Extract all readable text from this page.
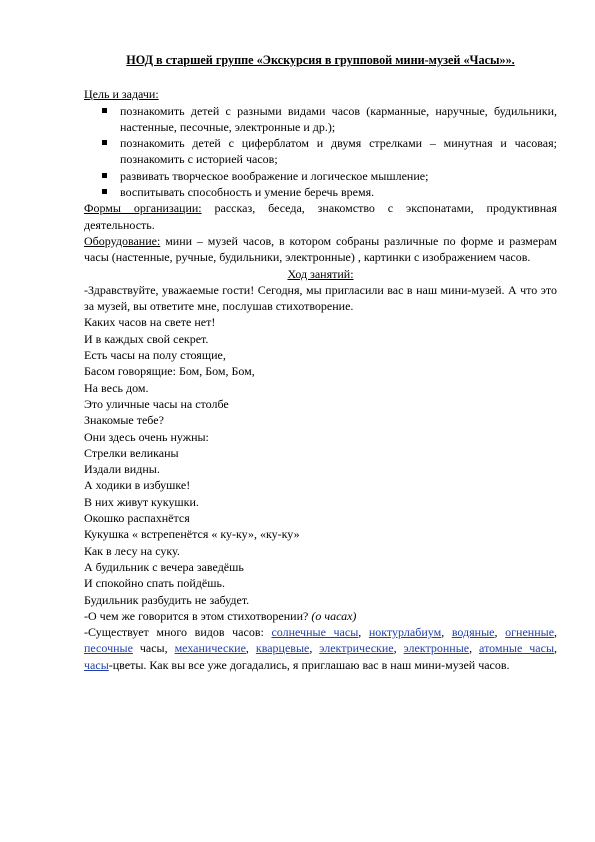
НОД в старшей группе «Экскурсия в групповой мини-музей «Часы»».
Цель и задачи:
познакомить детей с разными видами часов (карманные, наручные, будильники, настенные, песочные, электронные и др.);
познакомить детей с циферблатом и двумя стрелками – минутная и часовая; познакомить с историей часов;
развивать творческое воображение и логическое мышление;
воспитывать способность и умение беречь время.
Формы организации: рассказ, беседа, знакомство с экспонатами, продуктивная деятельность.
Оборудование: мини – музей часов, в котором собраны различные по форме и размерам часы (настенные, ручные, будильники, электронные) , картинки с изображением часов.
Ход занятий:
-Здравствуйте, уважаемые гости! Сегодня, мы пригласили вас в наш мини-музей. А что это за музей, вы ответите мне, послушав стихотворение.
Каких часов на свете нет!
И в каждых свой секрет.
Есть часы на полу стоящие,
Басом говорящие: Бом, Бом, Бом,
На весь дом.
Это уличные часы на столбе
Знакомые тебе?
Они здесь очень нужны:
Стрелки великаны
Издали видны.
А ходики в избушке!
В них живут кукушки.
Окошко распахнётся
Кукушка « встрепенётся « ку-ку», «ку-ку»
Как в лесу на суку.
А будильник с вечера заведёшь
И спокойно спать пойдёшь.
Будильник разбудить не забудет.
-О чем же говорится в этом стихотворении? (о часах)
-Существует много видов часов: солнечные часы, ноктурлабиум, водяные, огненные, песочные часы, механические, кварцевые, электрические, электронные, атомные часы, часы-цветы. Как вы все уже догадались, я приглашаю вас в наш мини-музей часов.
